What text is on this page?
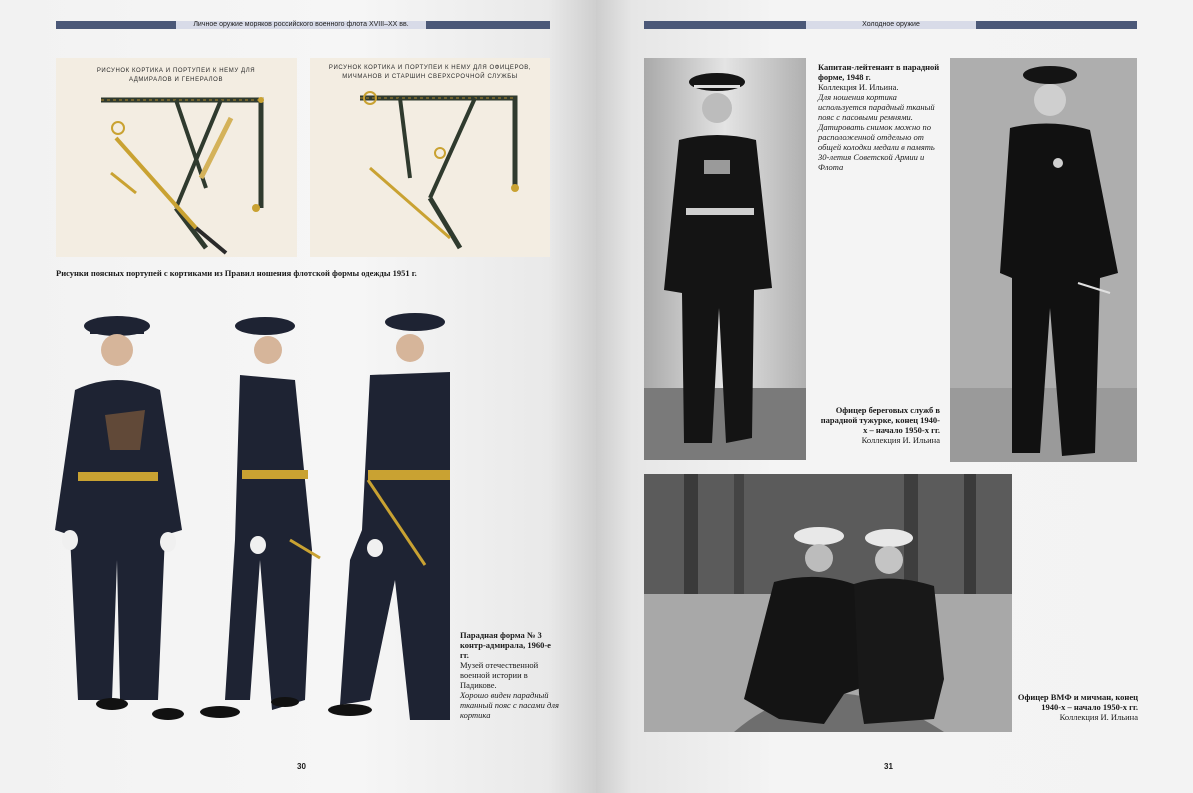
Личное оружие моряков российского военного флота XVIII–XX вв.
РИСУНОК КОРТИКА И ПОРТУПЕИ К НЕМУ ДЛЯ АДМИРАЛОВ И ГЕНЕРАЛОВ
РИСУНОК КОРТИКА И ПОРТУПЕИ К НЕМУ ДЛЯ ОФИЦЕРОВ, МИЧМАНОВ И СТАРШИН СВЕРХСРОЧНОЙ СЛУЖБЫ
Рисунки поясных портупей с кортиками из Правил ношения флотской формы одежды 1951 г.
Парадная форма № 3 контр-адмирала, 1960-е гг.
Музей отечественной военной истории в Падикове.
Хорошо виден парадный тканный пояс с пасами для кортика
30
Холодное оружие
Капитан-лейтенант в парадной форме, 1948 г.
Коллекция И. Ильина.
Для ношения кортика используется парадный тканый пояс с пасовыми ремнями. Датировать снимок можно по расположенной отдельно от общей колодки медали в память 30-летия Советской Армии и Флота
Офицер береговых служб в парадной тужурке, конец 1940-х – начало 1950-х гг.
Коллекция И. Ильина
Офицер ВМФ и мичман, конец 1940-х – начало 1950-х гг.
Коллекция И. Ильина
31
